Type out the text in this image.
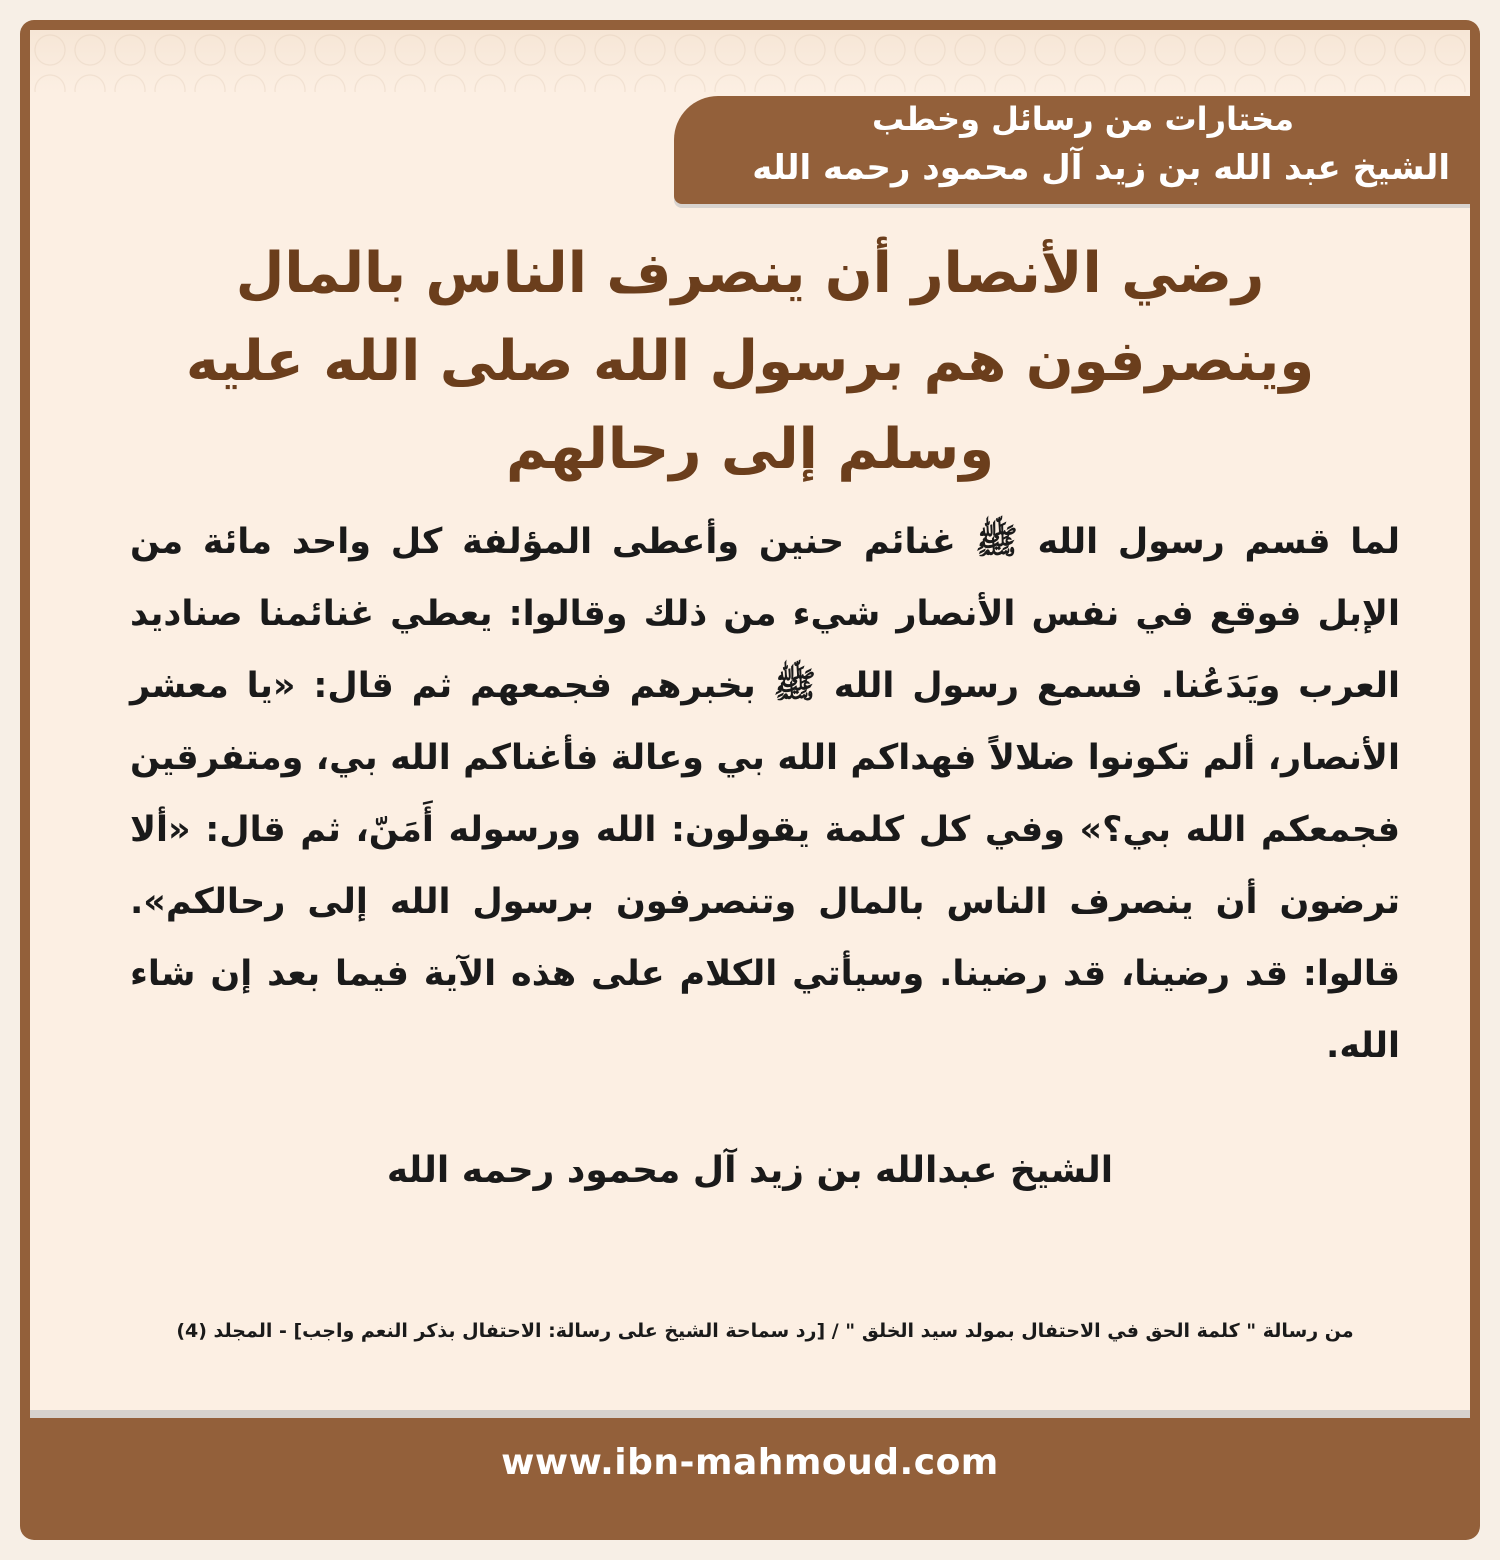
مختارات من رسائل وخطب
الشيخ عبد الله بن زيد آل محمود رحمه الله
رضي الأنصار أن ينصرف الناس بالمال وينصرفون هم برسول الله صلى الله عليه وسلم إلى رحالهم
لما قسم رسول الله ﷺ غنائم حنين وأعطى المؤلفة كل واحد مائة من الإبل فوقع في نفس الأنصار شيء من ذلك وقالوا: يعطي غنائمنا صناديد العرب ويَدَعُنا. فسمع رسول الله ﷺ بخبرهم فجمعهم ثم قال: «يا معشر الأنصار، ألم تكونوا ضلالاً فهداكم الله بي وعالة فأغناكم الله بي، ومتفرقين فجمعكم الله بي؟» وفي كل كلمة يقولون: الله ورسوله أَمَنّ، ثم قال: «ألا ترضون أن ينصرف الناس بالمال وتنصرفون برسول الله إلى رحالكم». قالوا: قد رضينا، قد رضينا. وسيأتي الكلام على هذه الآية فيما بعد إن شاء الله.
الشيخ عبدالله بن زيد آل محمود رحمه الله
من رسالة " كلمة الحق في الاحتفال بمولد سيد الخلق " / [رد سماحة الشيخ على رسالة: الاحتفال بذكر النعم واجب] - المجلد (4)
www.ibn-mahmoud.com
